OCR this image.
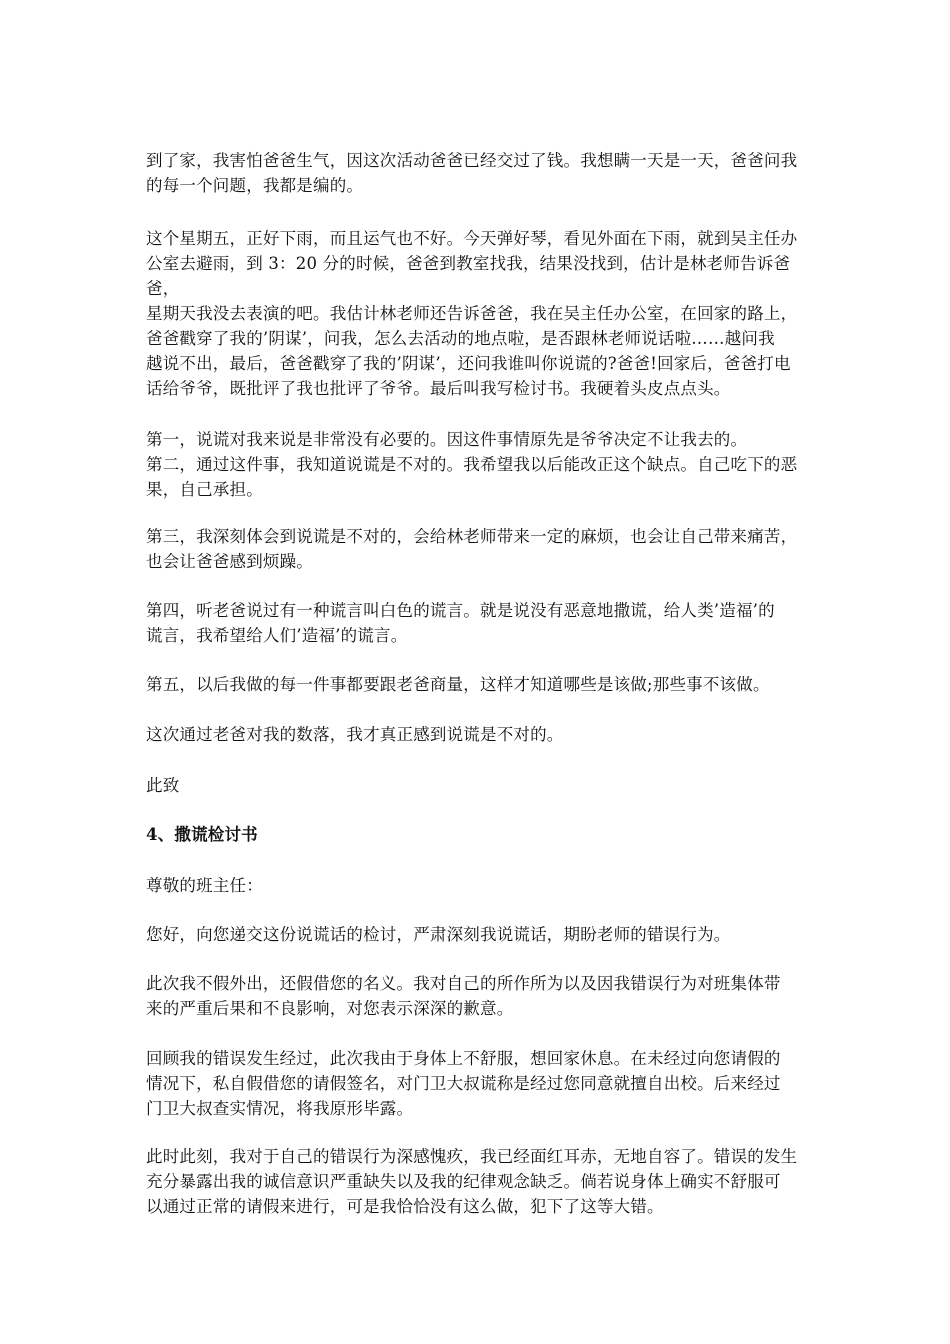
到了家，我害怕爸爸生气，因这次活动爸爸已经交过了钱。我想瞒一天是一天，爸爸问我
的每一个问题，我都是编的。

这个星期五，正好下雨，而且运气也不好。今天弹好琴，看见外面在下雨，就到吴主任办
公室去避雨，到 3：20 分的时候，爸爸到教室找我，结果没找到，估计是林老师告诉爸爸，
星期天我没去表演的吧。我估计林老师还告诉爸爸，我在吴主任办公室，在回家的路上，
爸爸戳穿了我的’阴谋’，问我，怎么去活动的地点啦，是否跟林老师说话啦……越问我
越说不出，最后，爸爸戳穿了我的’阴谋’，还问我谁叫你说谎的?爸爸!回家后，爸爸打电
话给爷爷，既批评了我也批评了爷爷。最后叫我写检讨书。我硬着头皮点点头。

第一，说谎对我来说是非常没有必要的。因这件事情原先是爷爷决定不让我去的。

第二，通过这件事，我知道说谎是不对的。我希望我以后能改正这个缺点。自己吃下的恶
果，自己承担。

第三，我深刻体会到说谎是不对的，会给林老师带来一定的麻烦，也会让自己带来痛苦，
也会让爸爸感到烦躁。

第四，听老爸说过有一种谎言叫白色的谎言。就是说没有恶意地撒谎，给人类’造福’的
谎言，我希望给人们’造福’的谎言。

第五，以后我做的每一件事都要跟老爸商量，这样才知道哪些是该做;那些事不该做。

这次通过老爸对我的数落，我才真正感到说谎是不对的。

此致

4、撒谎检讨书

尊敬的班主任：

您好，向您递交这份说谎话的检讨，严肃深刻我说谎话，期盼老师的错误行为。

此次我不假外出，还假借您的名义。我对自己的所作所为以及因我错误行为对班集体带
来的严重后果和不良影响，对您表示深深的歉意。

回顾我的错误发生经过，此次我由于身体上不舒服，想回家休息。在未经过向您请假的
情况下，私自假借您的请假签名，对门卫大叔谎称是经过您同意就擅自出校。后来经过
门卫大叔查实情况，将我原形毕露。

此时此刻，我对于自己的错误行为深感愧疚，我已经面红耳赤，无地自容了。错误的发生
充分暴露出我的诚信意识严重缺失以及我的纪律观念缺乏。倘若说身体上确实不舒服可
以通过正常的请假来进行，可是我恰恰没有这么做，犯下了这等大错。
